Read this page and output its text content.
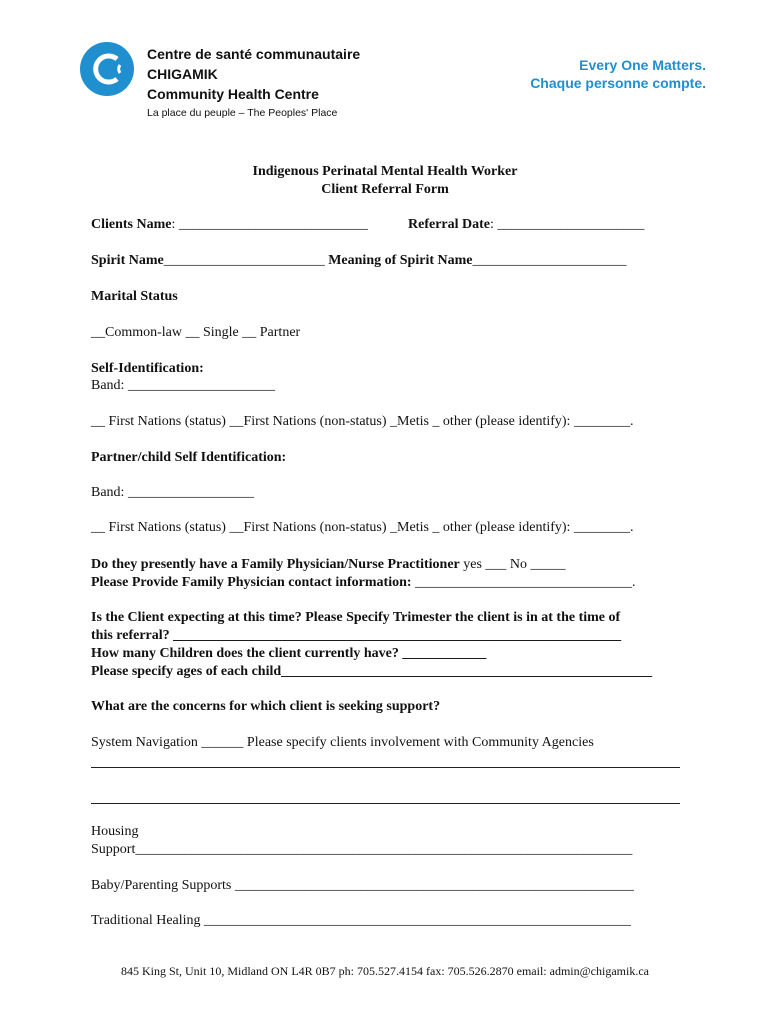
Centre de santé communautaire
CHIGAMIK
Community Health Centre
La place du peuple – The Peoples' Place
Every One Matters.
Chaque personne compte.
Indigenous Perinatal Mental Health Worker
Client Referral Form
Clients Name: ___________________________	Referral Date: _____________________
Spirit Name_______________________ Meaning of Spirit Name______________________
Marital Status
__Common-law __ Single __ Partner
Self-Identification:
Band: _____________________
__ First Nations (status) __First Nations (non-status) _Metis _ other (please identify): ________.
Partner/child Self Identification:
Band: __________________
__ First Nations (status) __First Nations (non-status) _Metis _ other (please identify): ________.
Do they presently have a Family Physician/Nurse Practitioner yes ___ No _____
Please Provide Family Physician contact information: _______________________________.
Is the Client expecting at this time? Please Specify Trimester the client is in at the time of
this referral? ________________________________________________________________
How many Children does the client currently have? ____________
Please specify ages of each child_____________________________________________________
What are the concerns for which client is seeking support?
System Navigation ______ Please specify clients involvement with Community Agencies
Housing
Support_______________________________________________________________________
Baby/Parenting Supports _________________________________________________________
Traditional Healing _____________________________________________________________
845 King St, Unit 10, Midland ON L4R 0B7 ph: 705.527.4154 fax: 705.526.2870 email: admin@chigamik.ca
